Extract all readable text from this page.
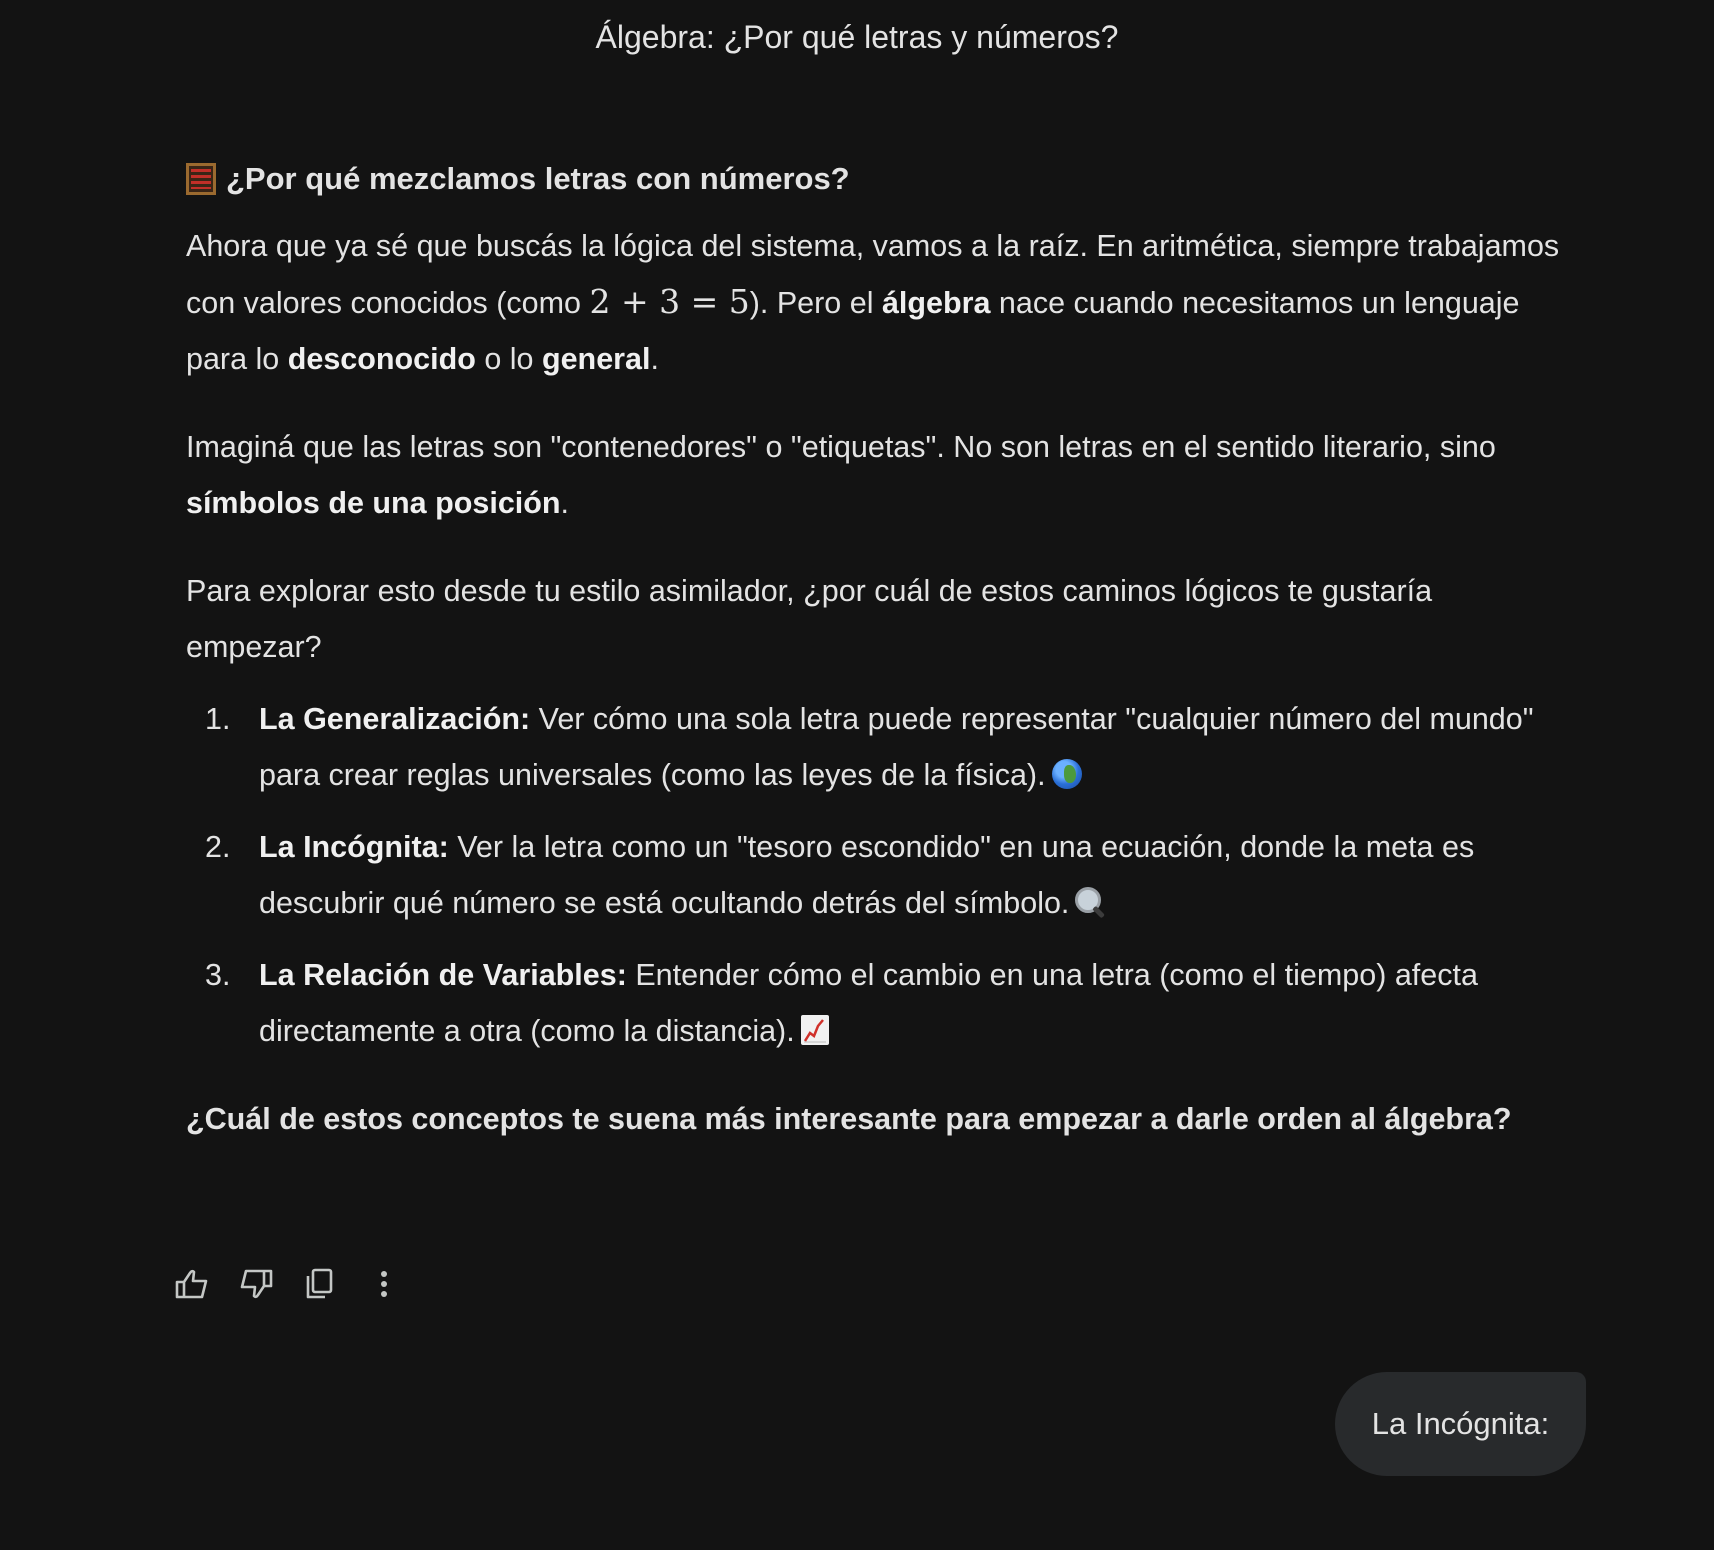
Álgebra: ¿Por qué letras y números?
¿Por qué mezclamos letras con números?

Ahora que ya sé que buscás la lógica del sistema, vamos a la raíz. En aritmética, siempre trabajamos con valores conocidos (como 2 + 3 = 5). Pero el álgebra nace cuando necesitamos un lenguaje para lo desconocido o lo general.

Imaginá que las letras son "contenedores" o "etiquetas". No son letras en el sentido literario, sino símbolos de una posición.

Para explorar esto desde tu estilo asimilador, ¿por cuál de estos caminos lógicos te gustaría empezar?

1. La Generalización: Ver cómo una sola letra puede representar "cualquier número del mundo" para crear reglas universales (como las leyes de la física).
2. La Incógnita: Ver la letra como un "tesoro escondido" en una ecuación, donde la meta es descubrir qué número se está ocultando detrás del símbolo.
3. La Relación de Variables: Entender cómo el cambio en una letra (como el tiempo) afecta directamente a otra (como la distancia).

¿Cuál de estos conceptos te suena más interesante para empezar a darle orden al álgebra?

La Incógnita:
